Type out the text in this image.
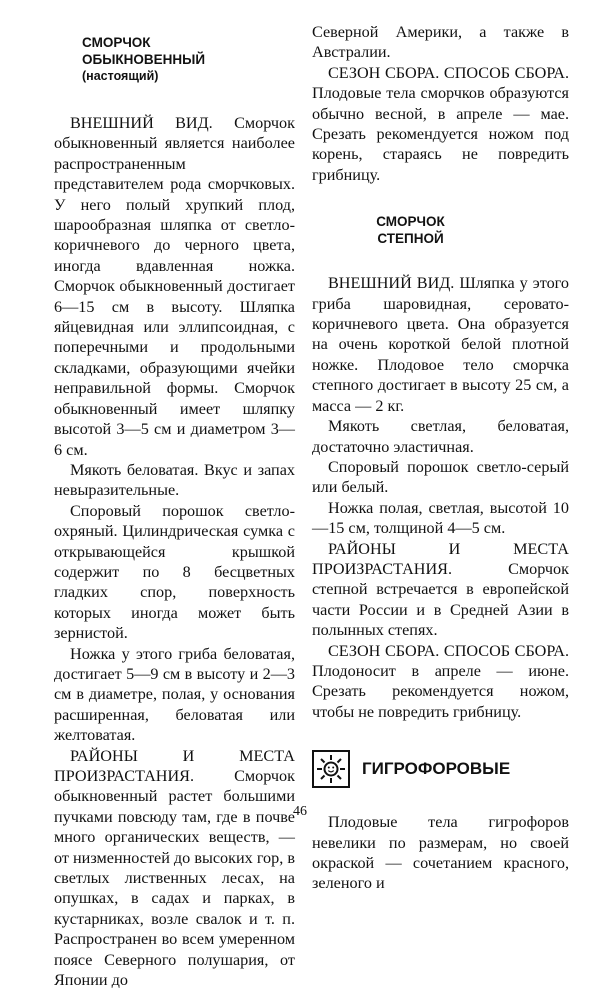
СМОРЧОК
ОБЫКНОВЕННЫЙ

(настоящий)

ВНЕШНИЙ ВИД. Сморчок обыкновенный является наиболее распространенным представителем рода сморчковых. У него полый хрупкий плод, шарообразная шляпка от светло-коричневого до черного цвета, иногда вдавленная ножка. Сморчок обыкновенный достигает 6—15 см в высоту. Шляпка яйцевидная или эллипсоидная, с поперечными и продольными складками, образующими ячейки неправильной формы. Сморчок обыкновенный имеет шляпку высотой 3—5 см и диаметром 3—6 см.

Мякоть беловатая. Вкус и запах невыразительные.

Споровый порошок светло-охряный. Цилиндрическая сумка с открывающейся крышкой содержит по 8 бесцветных гладких спор, поверхность которых иногда может быть зернистой.

Ножка у этого гриба беловатая, достигает 5—9 см в высоту и 2—3 см в диаметре, полая, у основания расширенная, беловатая или желтоватая.

РАЙОНЫ И МЕСТА ПРОИЗРАСТАНИЯ. Сморчок обыкновенный растет большими пучками повсюду там, где в почве много органических веществ, — от низменностей до высоких гор, в светлых лиственных лесах, на опушках, в садах и парках, в кустарниках, возле свалок и т. п. Распространен во всем умеренном поясе Северного полушария, от Японии до

Северной Америки, а также в Австралии.

СЕЗОН СБОРА. СПОСОБ СБОРА. Плодовые тела сморчков образуются обычно весной, в апреле — мае. Срезать рекомендуется ножом под корень, стараясь не повредить грибницу.

СМОРЧОК
СТЕПНОЙ

ВНЕШНИЙ ВИД. Шляпка у этого гриба шаровидная, серовато-коричневого цвета. Она образуется на очень короткой белой плотной ножке. Плодовое тело сморчка степного достигает в высоту 25 см, а масса — 2 кг.

Мякоть светлая, беловатая, достаточно эластичная.

Споровый порошок светло-серый или белый.

Ножка полая, светлая, высотой 10—15 см, толщиной 4—5 см.

РАЙОНЫ И МЕСТА ПРОИЗРАСТАНИЯ. Сморчок степной встречается в европейской части России и в Средней Азии в полынных степях.

СЕЗОН СБОРА. СПОСОБ СБОРА. Плодоносит в апреле — июне. Срезать рекомендуется ножом, чтобы не повредить грибницу.

ГИГРОФОРОВЫЕ

Плодовые тела гигрофоров невелики по размерам, но своей окраской — сочетанием красного, зеленого и

46
